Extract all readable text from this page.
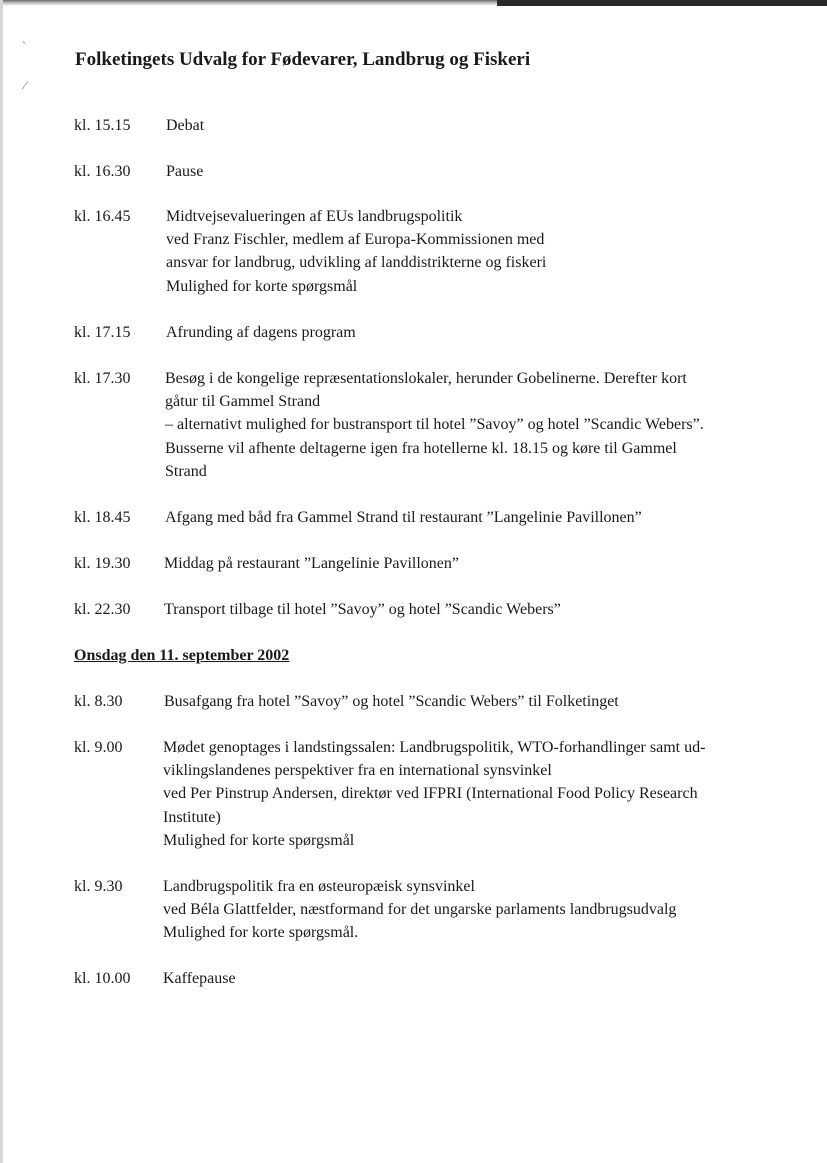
ˎ
⁄
Folketingets Udvalg for Fødevarer, Landbrug og Fiskeri
Onsdag den 11. september 2002
kl. 15.15 Debat
kl. 16.30 Pause
kl. 16.45 Midtvejsevalueringen af EUs landbrugspolitik
ved Franz Fischler, medlem af Europa-Kommissionen med
ansvar for landbrug, udvikling af landdistrikterne og fiskeri
Mulighed for korte spørgsmål
kl. 17.15 Afrunding af dagens program
kl. 17.30 Besøg i de kongelige repræsentationslokaler, herunder Gobelinerne. Derefter kort
gåtur til Gammel Strand
– alternativt mulighed for bustransport til hotel ”Savoy” og hotel ”Scandic Webers”.
Busserne vil afhente deltagerne igen fra hotellerne kl. 18.15 og køre til Gammel
Strand
kl. 18.45 Afgang med båd fra Gammel Strand til restaurant ”Langelinie Pavillonen”
kl. 19.30 Middag på restaurant ”Langelinie Pavillonen”
kl. 22.30 Transport tilbage til hotel ”Savoy” og hotel ”Scandic Webers”
kl. 8.30	Busafgang fra hotel ”Savoy” og hotel ”Scandic Webers” til Folketinget
kl. 9.00	Mødet genoptages i landstingssalen: Landbrugspolitik, WTO-forhandlinger samt ud-
viklingslandenes perspektiver fra en international synsvinkel
ved Per Pinstrup Andersen, direktør ved IFPRI (International Food Policy Research
Institute)
Mulighed for korte spørgsmål
kl. 9.30	Landbrugspolitik fra en østeuropæisk synsvinkel
ved Béla Glattfelder, næstformand for det ungarske parlaments landbrugsudvalg
Mulighed for korte spørgsmål.
kl. 10.00 Kaffepause
